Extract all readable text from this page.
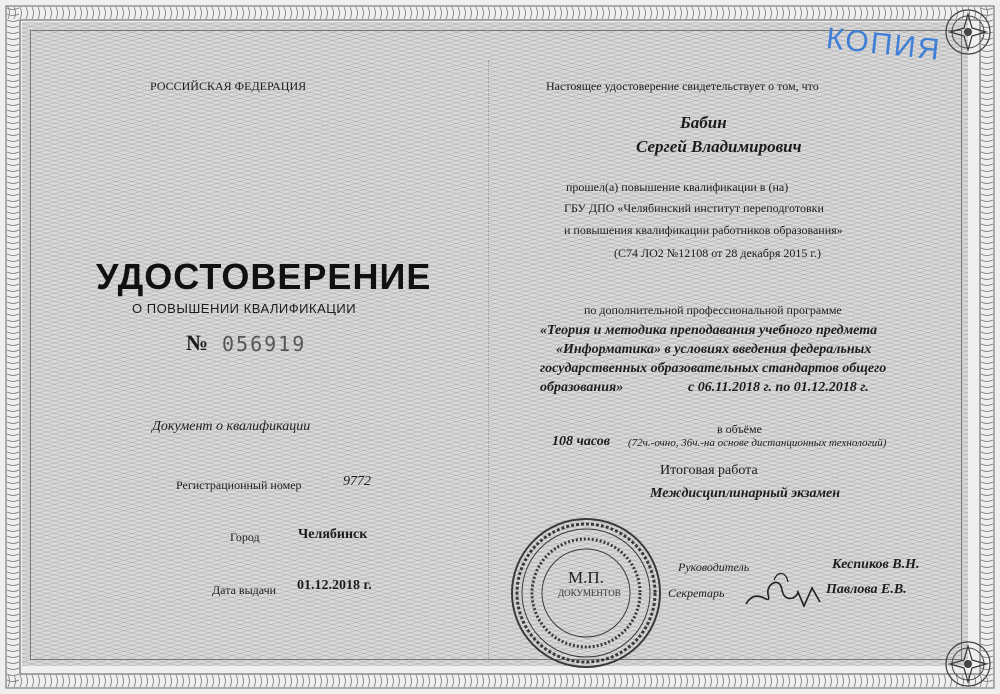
РОССИЙСКАЯ ФЕДЕРАЦИЯ	Настоящее удостоверение свидетельствует о том, что
КОПИЯ
УДОСТОВЕРЕНИЕ
О ПОВЫШЕНИИ КВАЛИФИКАЦИИ
№ 056919
Документ о квалификации
Регистрационный номер	9772
Город	Челябинск
Дата выдачи 01.12.2018 г.
Бабин
Сергей Владимирович
прошел(а) повышение квалификации в (на)
ГБУ ДПО «Челябинский институт переподготовки
и повышения квалификации работников образования»
(С74 ЛО2 №12108 от 28 декабря 2015 г.)
по дополнительной профессиональной программе
«Теория и методика преподавания учебного предмета
«Информатика» в условиях введения федеральных
государственных образовательных стандартов общего
образования»	с 06.11.2018 г. по 01.12.2018 г.
в объёме
108 часов (72ч.-очно, 36ч.-на основе дистанционных технологий)
Итоговая работа
Междисциплинарный экзамен
М.П.
ДОКУМЕНТОВ
Руководитель	Кеспиков В.Н.
Секретарь	Павлова Е.В.
